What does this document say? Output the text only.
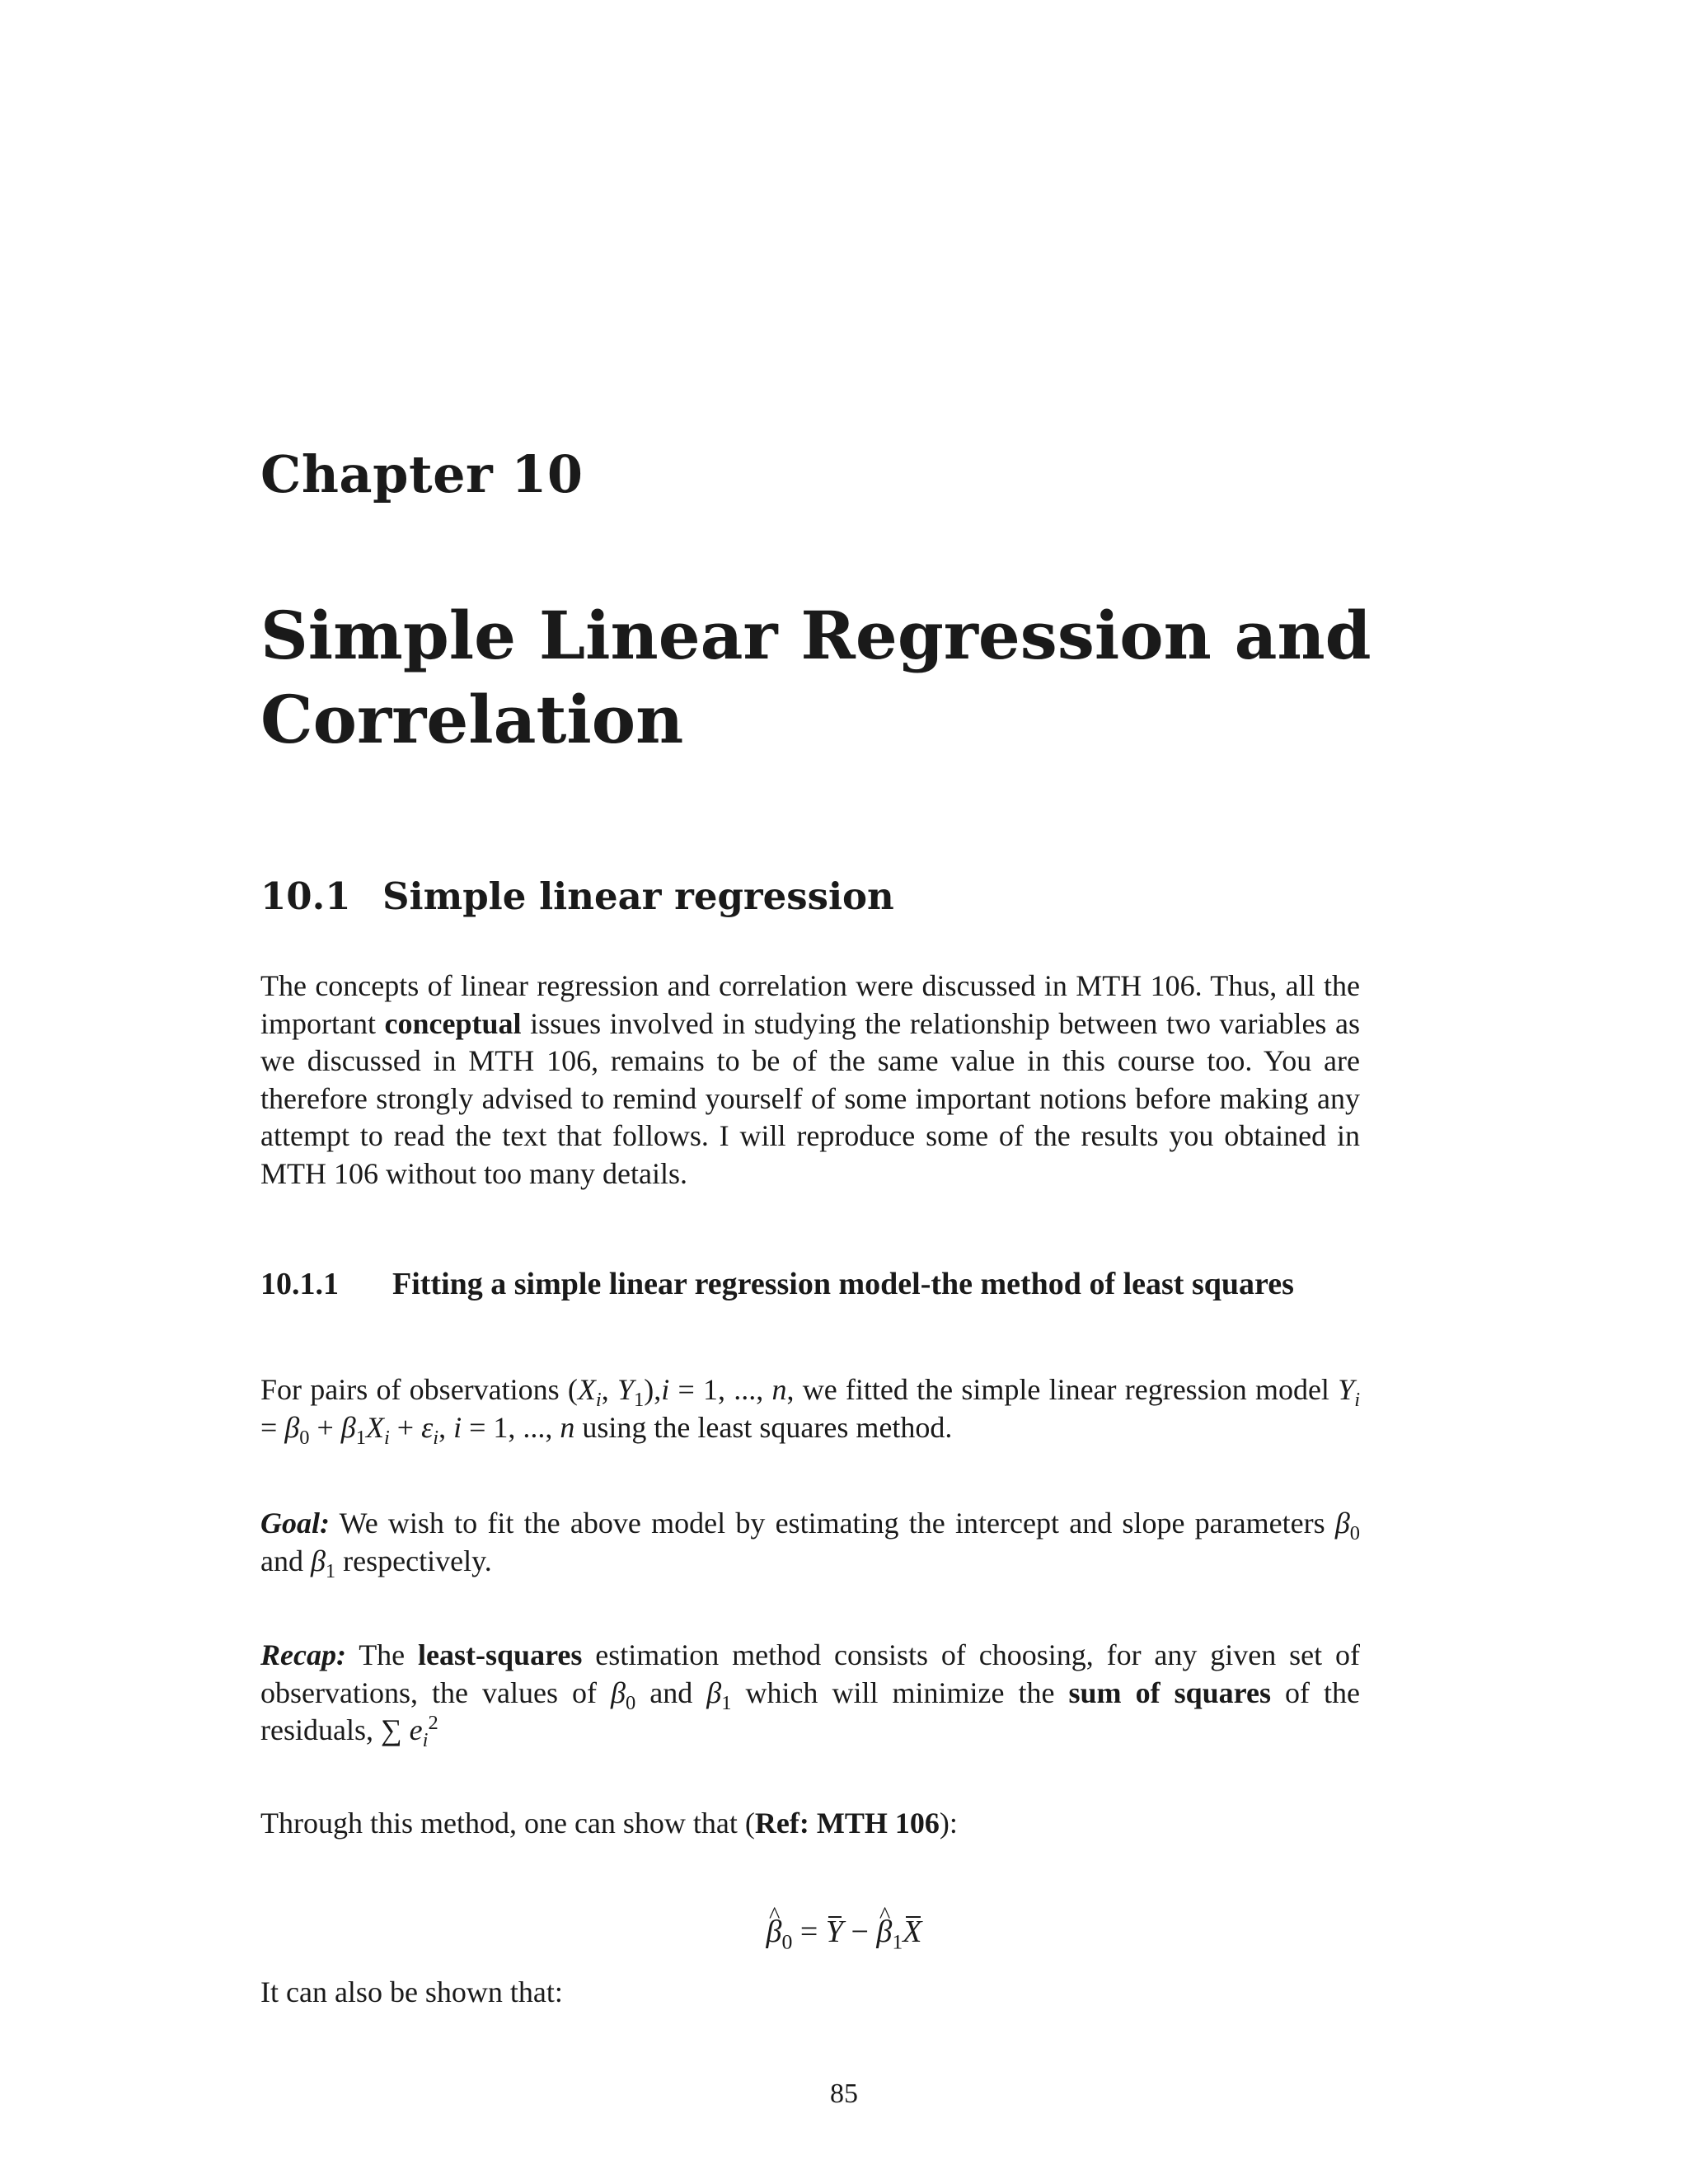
Chapter 10
Simple Linear Regression and
Correlation
10.1 Simple linear regression
The concepts of linear regression and correlation were discussed in MTH 106. Thus, all the important conceptual issues involved in studying the relationship between two variables as we discussed in MTH 106, remains to be of the same value in this course too. You are therefore strongly advised to remind yourself of some important notions before making any attempt to read the text that follows. I will reproduce some of the results you obtained in MTH 106 without too many details.
10.1.1 Fitting a simple linear regression model-the method of least squares
For pairs of observations ($X_i$, $Y_1),i = 1$, ..., n, we fitted the simple linear regression model $Y_i = \beta_0 + \beta_1X_i + \varepsilon_i$, i = 1, ..., n using the least squares method.
Goal: We wish to fit the above model by estimating the intercept and slope parameters $\beta_0$ and $\beta_1$ respectively.
Recap: The least-squares estimation method consists of choosing, for any given set of observations, the values of $\beta_0$ and $\beta_1$ which will minimize the sum of squares of the residuals, ∑ $e_i^2$
Through this method, one can show that (Ref: MTH 106):
^ $\beta_0 = Y$ − ^ $\beta_1X$
It can also be shown that:
85
